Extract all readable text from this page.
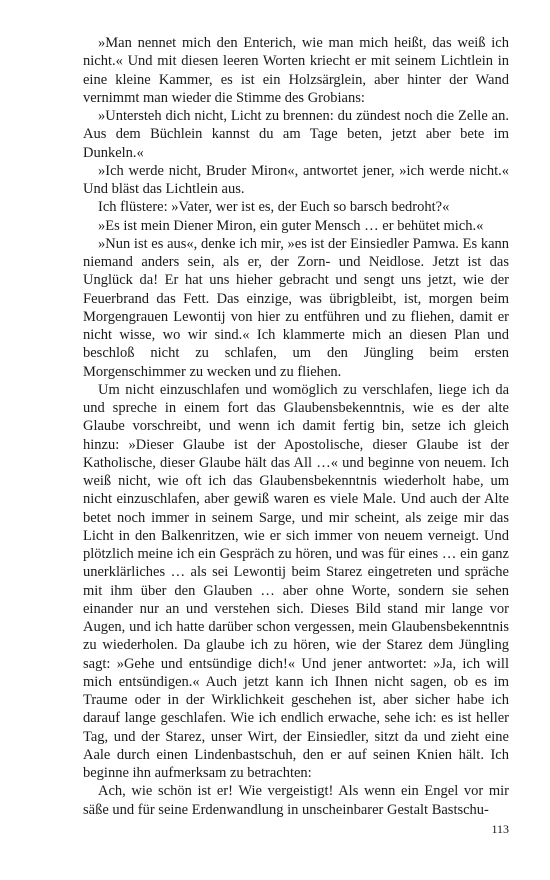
»Man nennet mich den Enterich, wie man mich heißt, das weiß ich nicht.« Und mit diesen leeren Worten kriecht er mit seinem Lichtlein in eine kleine Kammer, es ist ein Holzsärglein, aber hinter der Wand vernimmt man wieder die Stimme des Grobians:

»Untersteh dich nicht, Licht zu brennen: du zündest noch die Zelle an. Aus dem Büchlein kannst du am Tage beten, jetzt aber bete im Dunkeln.«

»Ich werde nicht, Bruder Miron«, antwortet jener, »ich werde nicht.« Und bläst das Lichtlein aus.

Ich flüstere: »Vater, wer ist es, der Euch so barsch bedroht?«

»Es ist mein Diener Miron, ein guter Mensch … er behütet mich.«

»Nun ist es aus«, denke ich mir, »es ist der Einsiedler Pamwa. Es kann niemand anders sein, als er, der Zorn- und Neidlose. Jetzt ist das Unglück da! Er hat uns hieher gebracht und sengt uns jetzt, wie der Feuerbrand das Fett. Das einzige, was übrigbleibt, ist, morgen beim Morgengrauen Lewontij von hier zu entführen und zu fliehen, damit er nicht wisse, wo wir sind.« Ich klammerte mich an diesen Plan und beschloß nicht zu schlafen, um den Jüngling beim ersten Morgenschimmer zu wecken und zu fliehen.

Um nicht einzuschlafen und womöglich zu verschlafen, liege ich da und spreche in einem fort das Glaubensbekenntnis, wie es der alte Glaube vorschreibt, und wenn ich damit fertig bin, setze ich gleich hinzu: »Dieser Glaube ist der Apostolische, dieser Glaube ist der Katholische, dieser Glaube hält das All …« und beginne von neuem. Ich weiß nicht, wie oft ich das Glaubensbekenntnis wiederholt habe, um nicht einzuschlafen, aber gewiß waren es viele Male. Und auch der Alte betet noch immer in seinem Sarge, und mir scheint, als zeige mir das Licht in den Balkenritzen, wie er sich immer von neuem verneigt. Und plötzlich meine ich ein Gespräch zu hören, und was für eines … ein ganz unerklärliches … als sei Lewontij beim Starez eingetreten und spräche mit ihm über den Glauben … aber ohne Worte, sondern sie sehen einander nur an und verstehen sich. Dieses Bild stand mir lange vor Augen, und ich hatte darüber schon vergessen, mein Glaubensbekenntnis zu wiederholen. Da glaube ich zu hören, wie der Starez dem Jüngling sagt: »Gehe und entsündige dich!« Und jener antwortet: »Ja, ich will mich entsündigen.« Auch jetzt kann ich Ihnen nicht sagen, ob es im Traume oder in der Wirklichkeit geschehen ist, aber sicher habe ich darauf lange geschlafen. Wie ich endlich erwache, sehe ich: es ist heller Tag, und der Starez, unser Wirt, der Einsiedler, sitzt da und zieht eine Aale durch einen Lindenbastschuh, den er auf seinen Knien hält. Ich beginne ihn aufmerksam zu betrachten:

Ach, wie schön ist er! Wie vergeistigt! Als wenn ein Engel vor mir säße und für seine Erdenwandlung in unscheinbarer Gestalt Bastschu-

113
